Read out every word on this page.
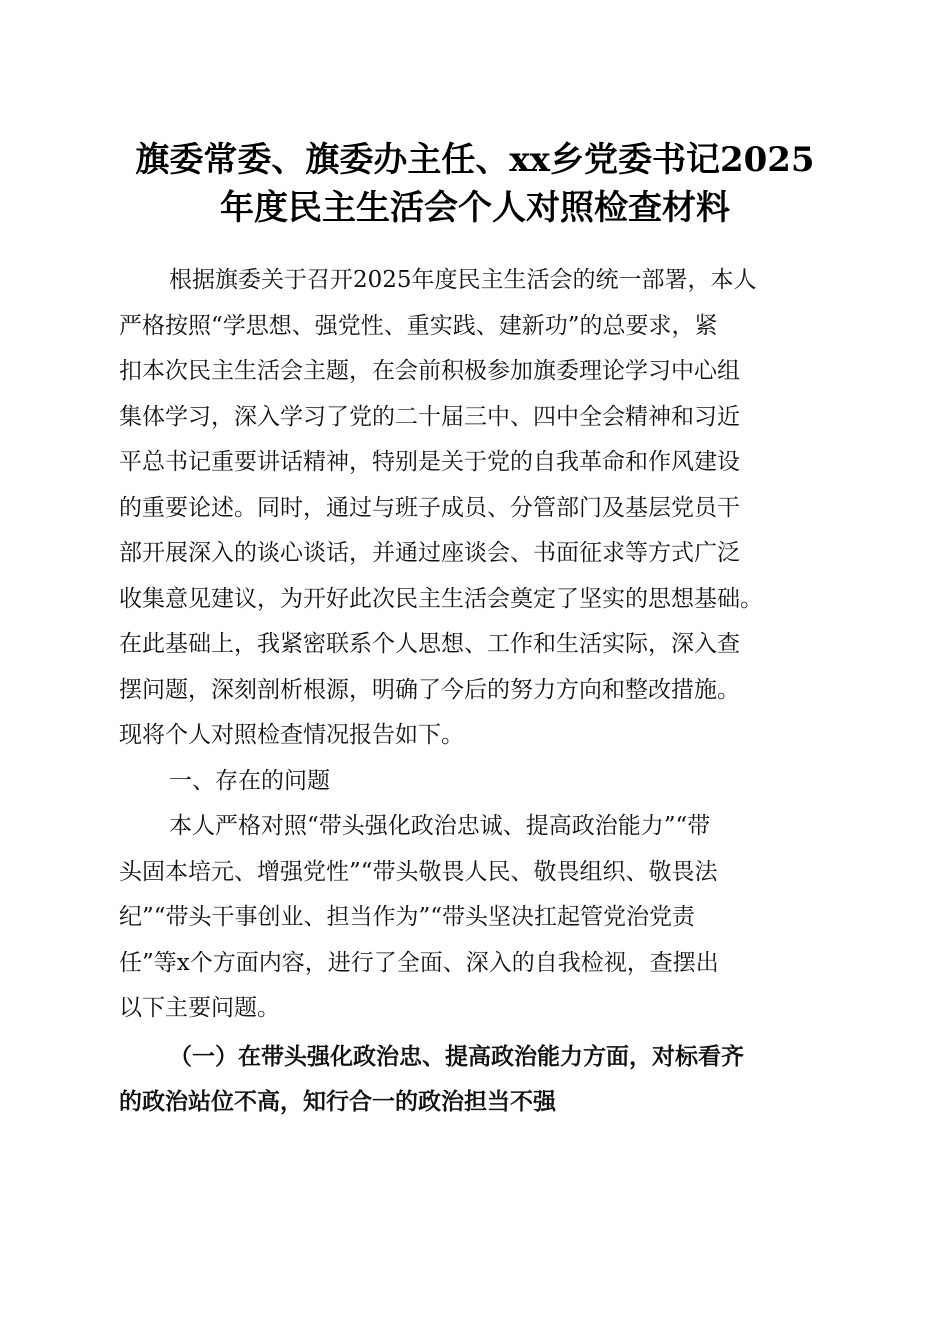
旗委常委、旗委办主任、xx乡党委书记2025
年度民主生活会个人对照检查材料

根据旗委关于召开2025年度民主生活会的统一部署，本人
严格按照“学思想、强党性、重实践、建新功”的总要求，紧
扣本次民主生活会主题，在会前积极参加旗委理论学习中心组
集体学习，深入学习了党的二十届三中、四中全会精神和习近
平总书记重要讲话精神，特别是关于党的自我革命和作风建设
的重要论述。同时，通过与班子成员、分管部门及基层党员干
部开展深入的谈心谈话，并通过座谈会、书面征求等方式广泛
收集意见建议，为开好此次民主生活会奠定了坚实的思想基础。
在此基础上，我紧密联系个人思想、工作和生活实际，深入查
摆问题，深刻剖析根源，明确了今后的努力方向和整改措施。
现将个人对照检查情况报告如下。

一、存在的问题

本人严格对照“带头强化政治忠诚、提高政治能力”“带
头固本培元、增强党性”“带头敬畏人民、敬畏组织、敬畏法
纪”“带头干事创业、担当作为”“带头坚决扛起管党治党责
任”等x个方面内容，进行了全面、深入的自我检视，查摆出
以下主要问题。

（一）在带头强化政治忠、提高政治能力方面，对标看齐
的政治站位不高，知行合一的政治担当不强
